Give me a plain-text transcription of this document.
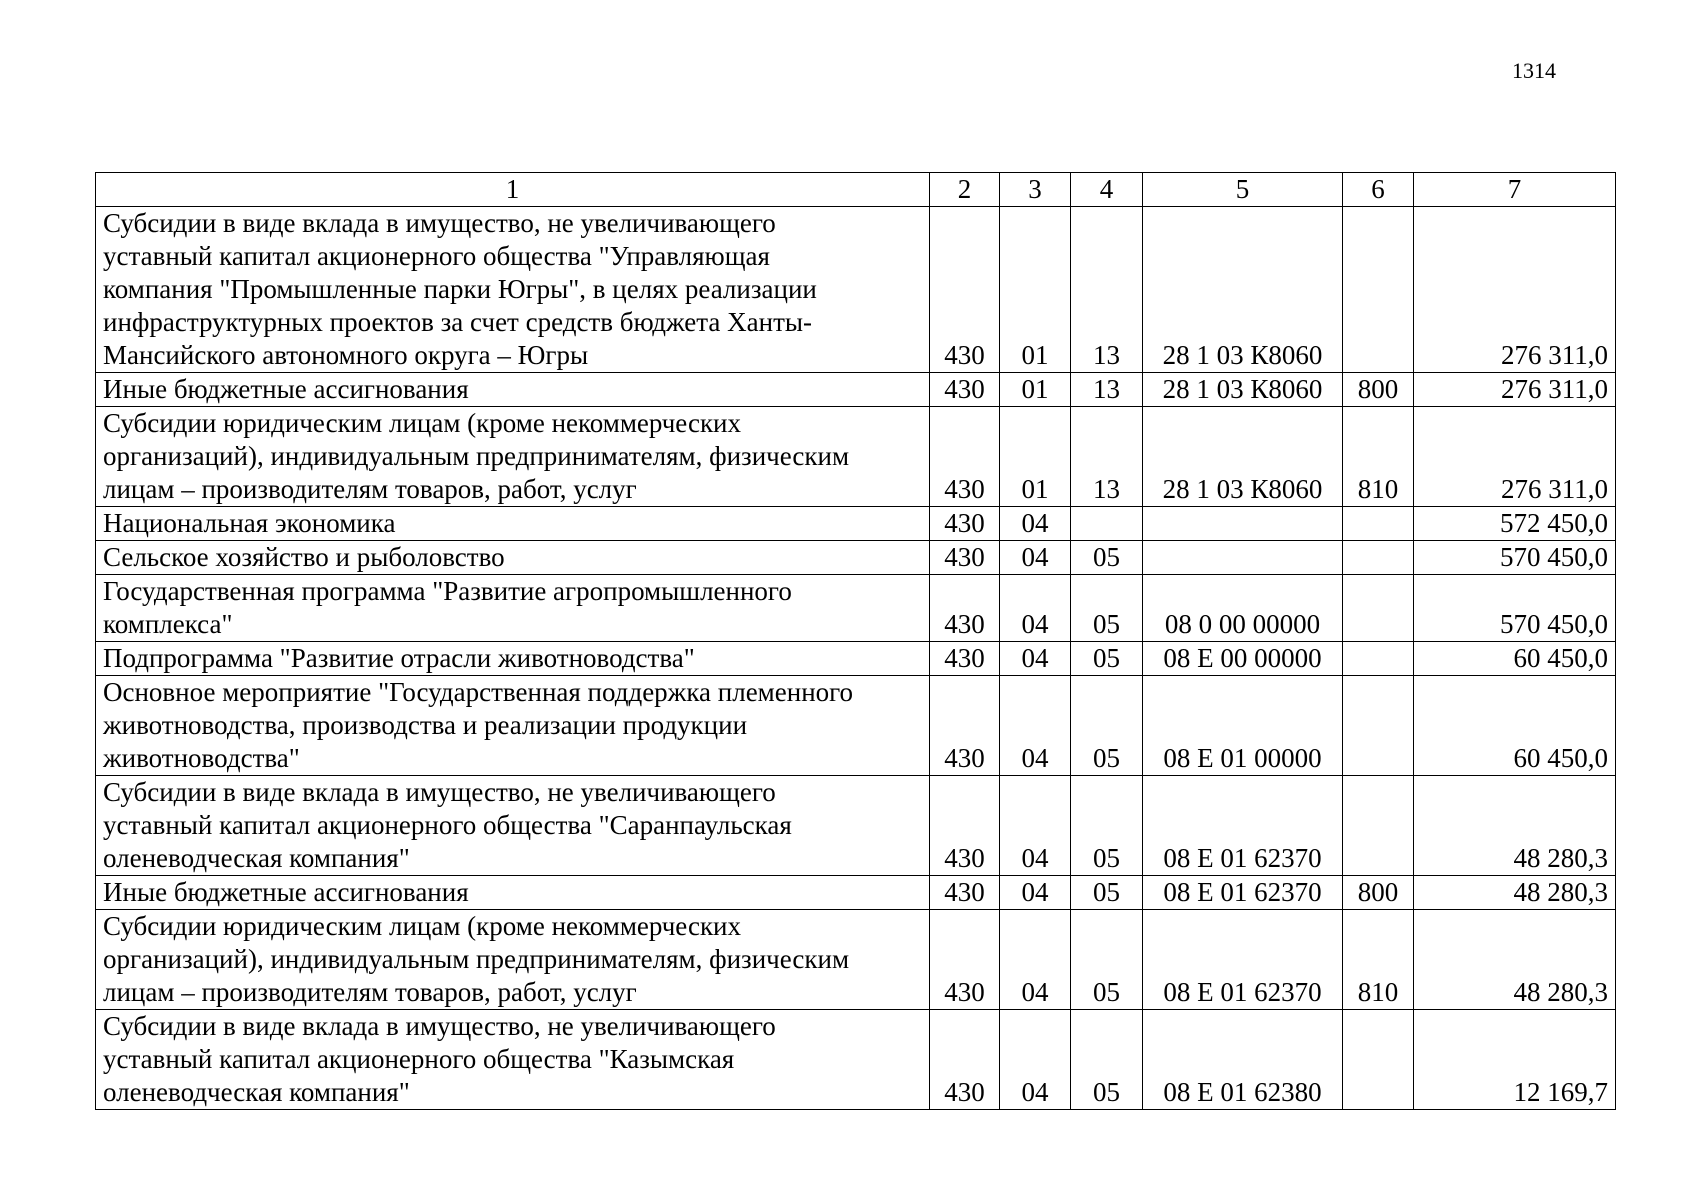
1314
1	2	3	4	5	6	7

Субсидии в виде вклада в имущество, не увеличивающего
уставный капитал акционерного общества "Управляющая
компания "Промышленные парки Югры", в целях реализации
инфраструктурных проектов за счет средств бюджета Ханты-
Мансийского автономного округа – Югры	430	01	13	28 1 03 К8060		276 311,0

Иные бюджетные ассигнования	430	01	13	28 1 03 К8060	800	276 311,0

Субсидии юридическим лицам (кроме некоммерческих
организаций), индивидуальным предпринимателям, физическим
лицам – производителям товаров, работ, услуг	430	01	13	28 1 03 К8060	810	276 311,0

Национальная экономика	430	04				572 450,0

Сельское хозяйство и рыболовство	430	04	05			570 450,0

Государственная программа "Развитие агропромышленного
комплекса"	430	04	05	08 0 00 00000		570 450,0

Подпрограмма "Развитие отрасли животноводства"	430	04	05	08 Е 00 00000		60 450,0

Основное мероприятие "Государственная поддержка племенного
животноводства, производства и реализации продукции
животноводства"	430	04	05	08 Е 01 00000		60 450,0

Субсидии в виде вклада в имущество, не увеличивающего
уставный капитал акционерного общества "Саранпаульская
оленеводческая компания"	430	04	05	08 Е 01 62370		48 280,3

Иные бюджетные ассигнования	430	04	05	08 Е 01 62370	800	48 280,3

Субсидии юридическим лицам (кроме некоммерческих
организаций), индивидуальным предпринимателям, физическим
лицам – производителям товаров, работ, услуг	430	04	05	08 Е 01 62370	810	48 280,3

Субсидии в виде вклада в имущество, не увеличивающего
уставный капитал акционерного общества "Казымская
оленеводческая компания"	430	04	05	08 Е 01 62380		12 169,7
